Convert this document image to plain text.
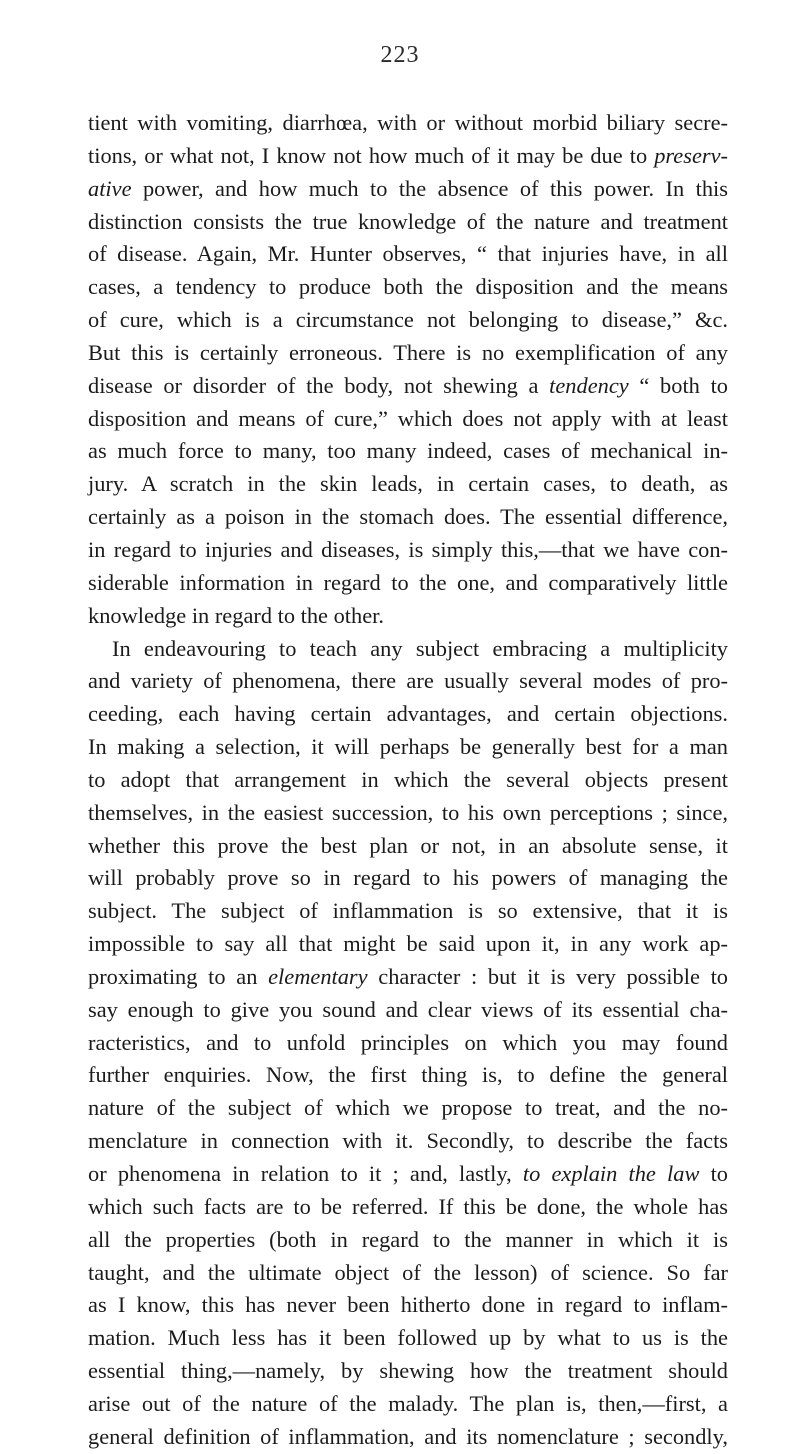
223
tient with vomiting, diarrhœa, with or without morbid biliary secre-
tions, or what not, I know not how much of it may be due to preserv-
ative power, and how much to the absence of this power. In this
distinction consists the true knowledge of the nature and treatment
of disease. Again, Mr. Hunter observes, “ that injuries have, in all
cases, a tendency to produce both the disposition and the means
of cure, which is a circumstance not belonging to disease,” &c.
But this is certainly erroneous. There is no exemplification of any
disease or disorder of the body, not shewing a tendency “ both to
disposition and means of cure,” which does not apply with at least
as much force to many, too many indeed, cases of mechanical in-
jury. A scratch in the skin leads, in certain cases, to death, as
certainly as a poison in the stomach does. The essential difference,
in regard to injuries and diseases, is simply this,—that we have con-
siderable information in regard to the one, and comparatively little
knowledge in regard to the other.
In endeavouring to teach any subject embracing a multiplicity
and variety of phenomena, there are usually several modes of pro-
ceeding, each having certain advantages, and certain objections.
In making a selection, it will perhaps be generally best for a man
to adopt that arrangement in which the several objects present
themselves, in the easiest succession, to his own perceptions ; since,
whether this prove the best plan or not, in an absolute sense, it
will probably prove so in regard to his powers of managing the
subject. The subject of inflammation is so extensive, that it is
impossible to say all that might be said upon it, in any work ap-
proximating to an elementary character : but it is very possible to
say enough to give you sound and clear views of its essential cha-
racteristics, and to unfold principles on which you may found
further enquiries. Now, the first thing is, to define the general
nature of the subject of which we propose to treat, and the no-
menclature in connection with it. Secondly, to describe the facts
or phenomena in relation to it ; and, lastly, to explain the law to
which such facts are to be referred. If this be done, the whole has
all the properties (both in regard to the manner in which it is
taught, and the ultimate object of the lesson) of science. So far
as I know, this has never been hitherto done in regard to inflam-
mation. Much less has it been followed up by what to us is the
essential thing,—namely, by shewing how the treatment should
arise out of the nature of the malady. The plan is, then,—first, a
general definition of inflammation, and its nomenclature ; secondly,
